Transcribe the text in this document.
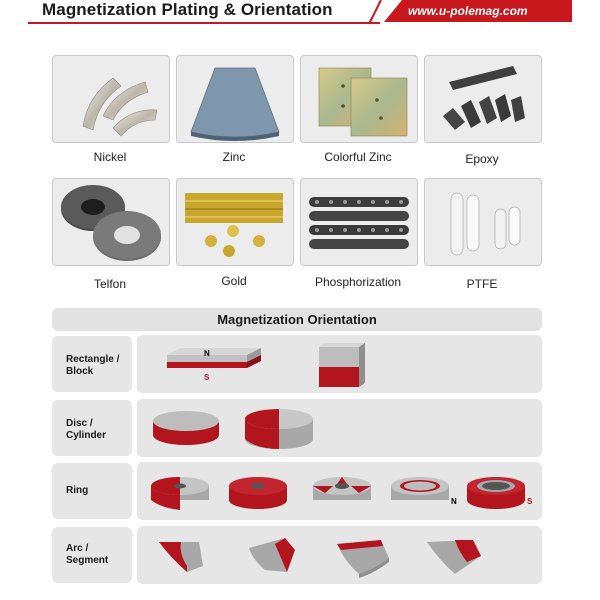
Magnetization Plating & Orientation	www.u-polemag.com
Nickel	Zinc	Colorful Zinc	Epoxy
Telfon	Gold	Phosphorization	PTFE
Magnetization Orientation
Rectangle /
Block
N
S
Disc /
Cylinder
Ring
N	S
Arc /
Segment
